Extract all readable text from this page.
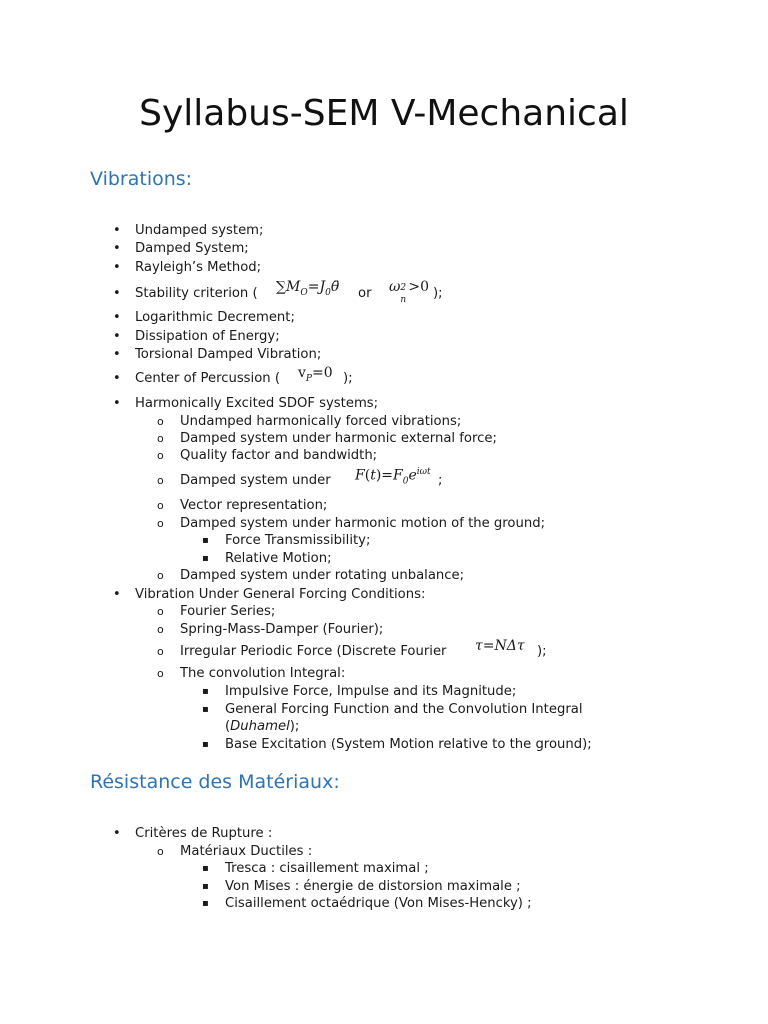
Syllabus-SEM V-Mechanical
Vibrations:
• Undamped system;
• Damped System;
• Rayleigh’s Method;
• Stability criterion ( $\sum M_O=J_0\thetä$ or ω 2
n
>0 );
• Logarithmic Decrement;
• Dissipation of Energy;
• Torsional Damped Vibration;
• Center of Percussion ( $v_P=0$ );
• Harmonically Excited SDOF systems;
o Undamped harmonically forced vibrations;
o Damped system under harmonic external force;
o Quality factor and bandwidth;
o Damped system under $F(t)=F_0e^{i\omega t}$
;
o Vector representation;
o Damped system under harmonic motion of the ground;
▪ Force Transmissibility;
▪ Relative Motion;
o Damped system under rotating unbalance;
• Vibration Under General Forcing Conditions:
o Fourier Series;
o Spring-Mass-Damper (Fourier);
o Irregular Periodic Force (Discrete Fourier τ=NΔτ );
o The convolution Integral:
▪ Impulsive Force, Impulse and its Magnitude;
▪ General Forcing Function and the Convolution Integral
(Duhamel);
▪ Base Excitation (System Motion relative to the ground);
Résistance des Matériaux:
• Critères de Rupture :
o Matériaux Ductiles :
▪ Tresca : cisaillement maximal ;
▪ Von Mises : énergie de distorsion maximale ;
▪ Cisaillement octaédrique (Von Mises-Hencky) ;
